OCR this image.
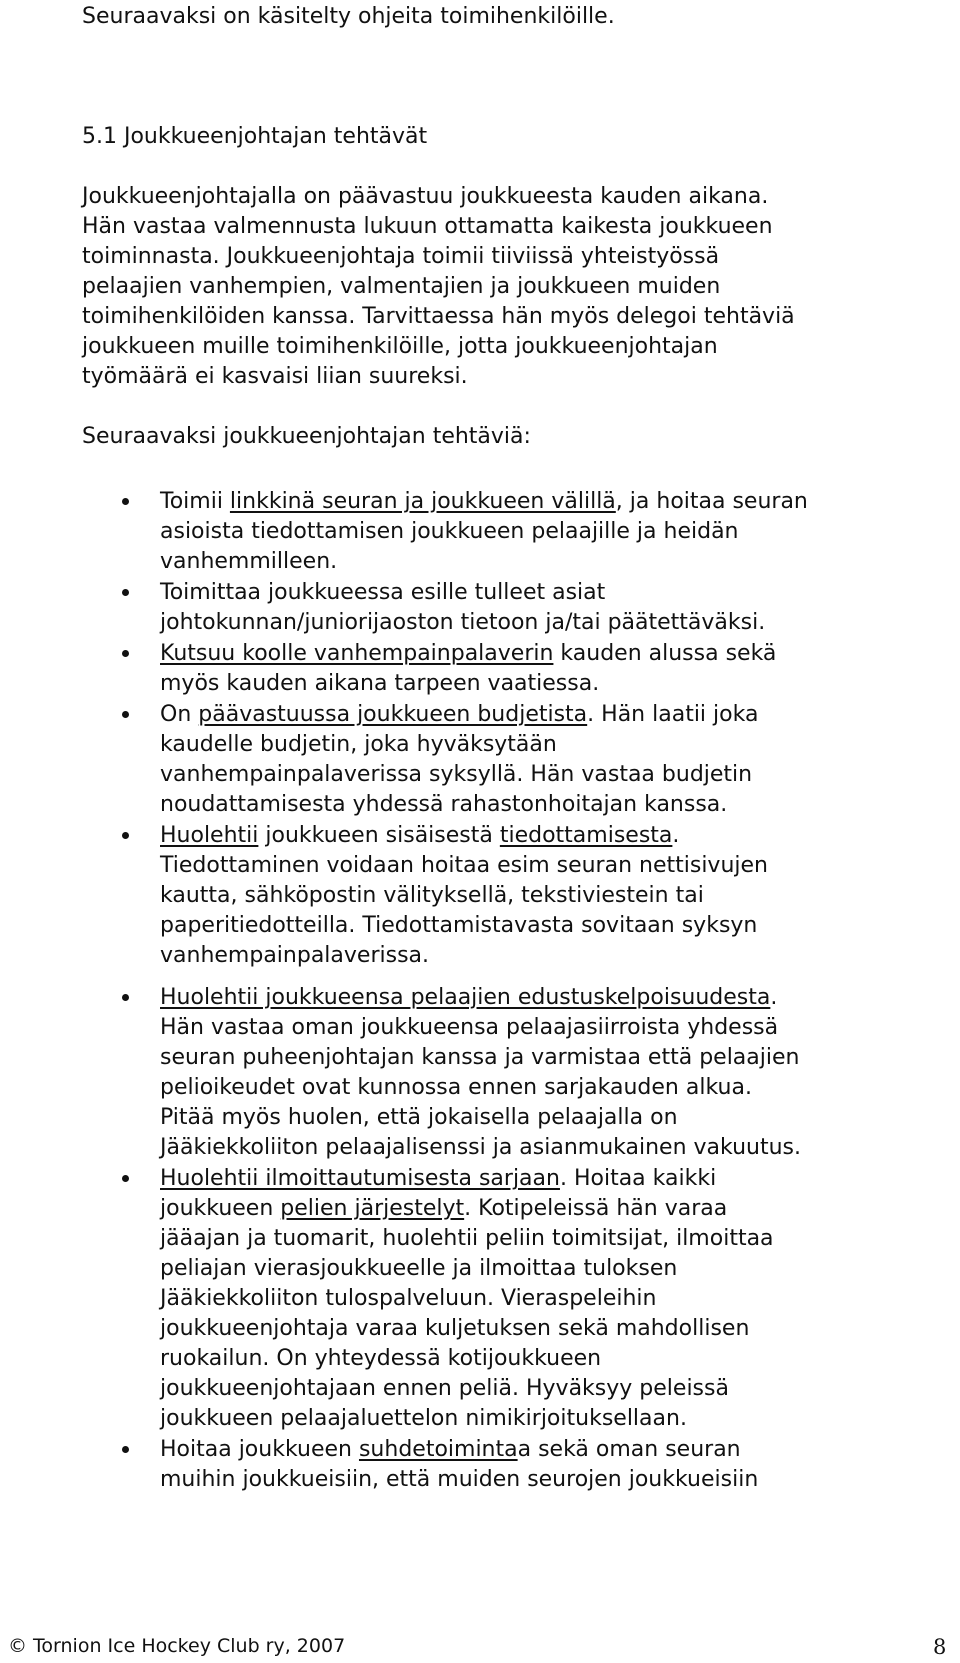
Seuraavaksi on käsitelty ohjeita toimihenkilöille.
5.1 Joukkueenjohtajan tehtävät
Joukkueenjohtajalla on päävastuu joukkueesta kauden aikana.
Hän vastaa valmennusta lukuun ottamatta kaikesta joukkueen
toiminnasta. Joukkueenjohtaja toimii tiiviissä yhteistyössä
pelaajien vanhempien, valmentajien ja joukkueen muiden
toimihenkilöiden kanssa. Tarvittaessa hän myös delegoi tehtäviä
joukkueen muille toimihenkilöille, jotta joukkueenjohtajan
työmäärä ei kasvaisi liian suureksi.
Seuraavaksi joukkueenjohtajan tehtäviä:
Toimii linkkinä seuran ja joukkueen välillä, ja hoitaa seuran
asioista tiedottamisen joukkueen pelaajille ja heidän
vanhemmilleen.
Toimittaa joukkueessa esille tulleet asiat
johtokunnan/juniorijaoston tietoon ja/tai päätettäväksi.
Kutsuu koolle vanhempainpalaverin kauden alussa sekä
myös kauden aikana tarpeen vaatiessa.
On päävastuussa joukkueen budjetista. Hän laatii joka
kaudelle budjetin, joka hyväksytään
vanhempainpalaverissa syksyllä. Hän vastaa budjetin
noudattamisesta yhdessä rahastonhoitajan kanssa.
Huolehtii joukkueen sisäisestä tiedottamisesta.
Tiedottaminen voidaan hoitaa esim seuran nettisivujen
kautta, sähköpostin välityksellä, tekstiviestein tai
paperitiedotteilla. Tiedottamistavasta sovitaan syksyn
vanhempainpalaverissa.
Huolehtii joukkueensa pelaajien edustuskelpoisuudesta.
Hän vastaa oman joukkueensa pelaajasiirroista yhdessä
seuran puheenjohtajan kanssa ja varmistaa että pelaajien
pelioikeudet ovat kunnossa ennen sarjakauden alkua.
Pitää myös huolen, että jokaisella pelaajalla on
Jääkiekkoliiton pelaajalisenssi ja asianmukainen vakuutus.
Huolehtii ilmoittautumisesta sarjaan. Hoitaa kaikki
joukkueen pelien järjestelyt. Kotipeleissä hän varaa
jääajan ja tuomarit, huolehtii peliin toimitsijat, ilmoittaa
peliajan vierasjoukkueelle ja ilmoittaa tuloksen
Jääkiekkoliiton tulospalveluun. Vieraspeleihin
joukkueenjohtaja varaa kuljetuksen sekä mahdollisen
ruokailun. On yhteydessä kotijoukkueen
joukkueenjohtajaan ennen peliä. Hyväksyy peleissä
joukkueen pelaajaluettelon nimikirjoituksellaan.
Hoitaa joukkueen suhdetoimintaa sekä oman seuran
muihin joukkueisiin, että muiden seurojen joukkueisiin
© Tornion Ice Hockey Club ry, 2007	8
